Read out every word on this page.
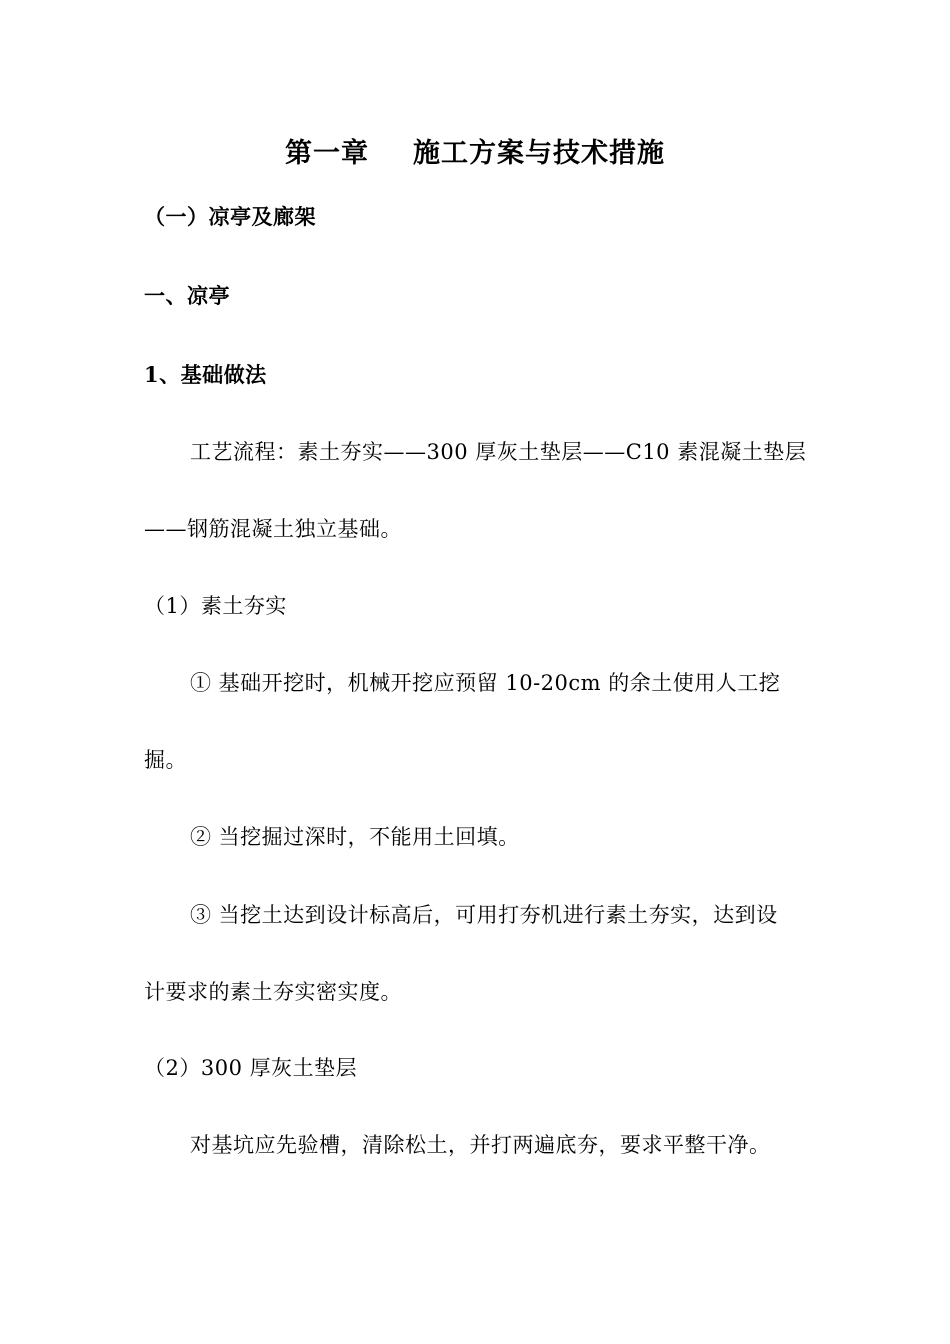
第一章 施工方案与技术措施
（一）凉亭及廊架
一、凉亭
1、基础做法
工艺流程：素土夯实——300 厚灰土垫层——C10 素混凝土垫层
——钢筋混凝土独立基础。
（1）素土夯实
① 基础开挖时，机械开挖应预留 10-20cm 的余土使用人工挖
掘。
② 当挖掘过深时，不能用土回填。
③ 当挖土达到设计标高后，可用打夯机进行素土夯实，达到设
计要求的素土夯实密实度。
（2）300 厚灰土垫层
对基坑应先验槽，清除松土，并打两遍底夯，要求平整干净。
